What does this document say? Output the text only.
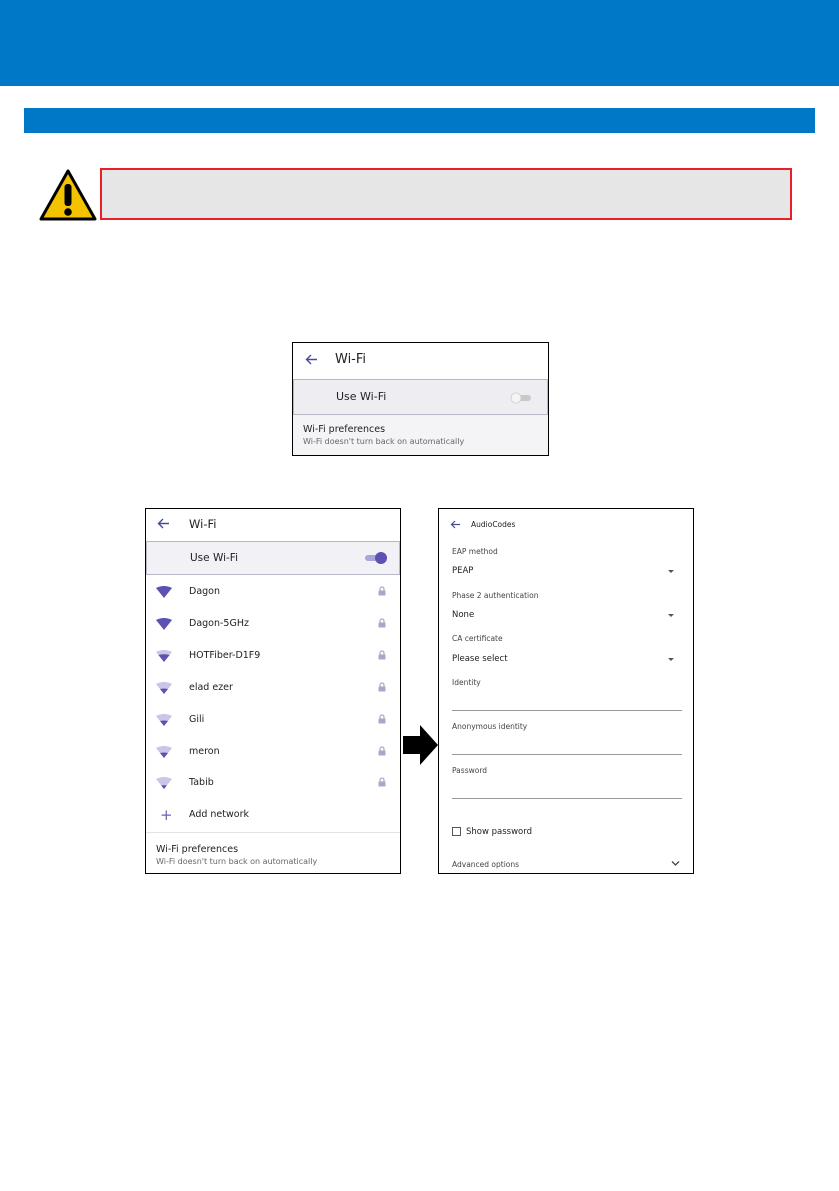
Wi-Fi
Use Wi-Fi
Wi-Fi preferences
Wi-Fi doesn't turn back on automatically
Wi-Fi
Use Wi-Fi
Dagon
Dagon-5GHz
HOTFiber-D1F9
elad ezer
Gili
meron
Tabib
+ Add network
Wi-Fi preferences
Wi-Fi doesn't turn back on automatically
AudioCodes
EAP method
PEAP
Phase 2 authentication
None
CA certificate
Please select
Identity
Anonymous identity
Password
Show password
Advanced options
